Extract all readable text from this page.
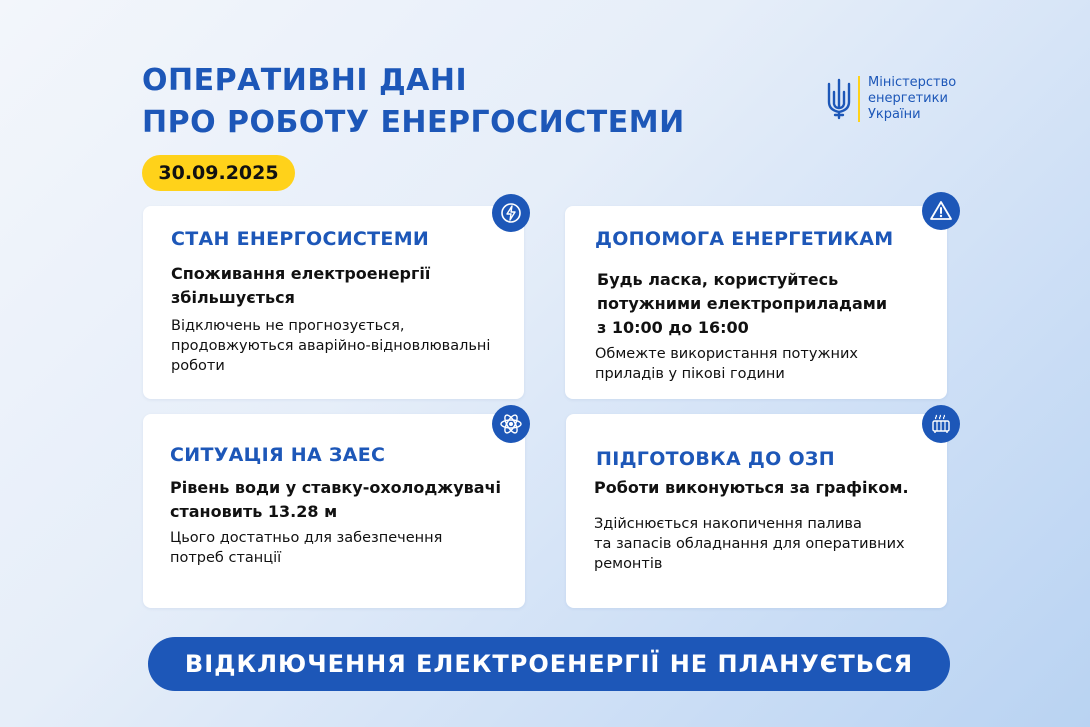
ОПЕРАТИВНІ ДАНІ
ПРО РОБОТУ ЕНЕРГОСИСТЕМИ
30.09.2025
Міністерство
енергетики
України
СТАН ЕНЕРГОСИСТЕМИ
Споживання електроенергії
збільшується
Відключень не прогнозується,
продовжуються аварійно-відновлювальні
роботи
ДОПОМОГА ЕНЕРГЕТИКАМ
Будь ласка, користуйтесь
потужними електроприладами
з 10:00 до 16:00
Обмежте використання потужних
приладів у пікові години
СИТУАЦІЯ НА ЗАЕС
Рівень води у ставку-охолоджувачі
становить 13.28 м
Цього достатньо для забезпечення
потреб станції
ПІДГОТОВКА ДО ОЗП
Роботи виконуються за графіком.
Здійснюється накопичення палива
та запасів обладнання для оперативних
ремонтів
ВІДКЛЮЧЕННЯ ЕЛЕКТРОЕНЕРГІЇ НЕ ПЛАНУЄТЬСЯ
